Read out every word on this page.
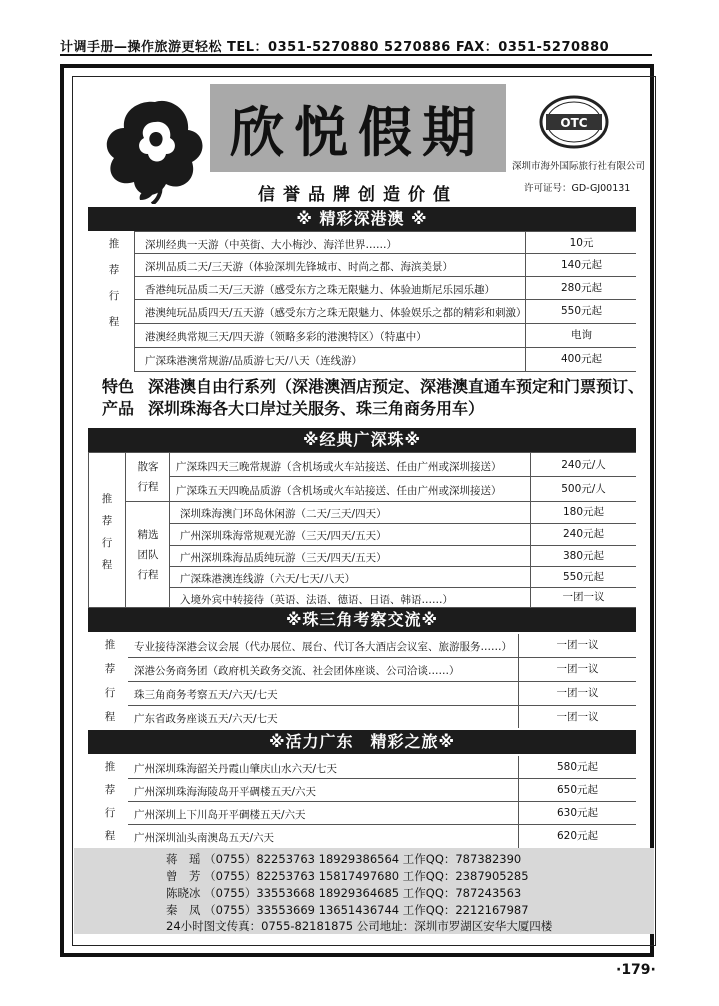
计调手册—操作旅游更轻松 TEL：0351-5270880 5270886 FAX：0351-5270880
欣悦假期
信誉品牌创造价值
OTC
深圳市海外国际旅行社有限公司
许可证号：GD-GJ00131
※ 精彩深港澳 ※
推
荐
行
程
深圳经典一天游（中英街、大小梅沙、海洋世界……）	10元
深圳品质二天/三天游（体验深圳先锋城市、时尚之都、海滨美景）	140元起
香港纯玩品质二天/三天游（感受东方之珠无限魅力、体验迪斯尼乐园乐趣）	280元起
港澳纯玩品质四天/五天游（感受东方之珠无限魅力、体验娱乐之都的精彩和刺激）	550元起
港澳经典常规三天/四天游（领略多彩的港澳特区）（特惠中）	电询
广深珠港澳常规游/品质游七天/八天（连线游）	400元起
特色
产品
深港澳自由行系列（深港澳酒店预定、深港澳直通车预定和门票预订、
深圳珠海各大口岸过关服务、珠三角商务用车）
※经典广深珠※
推
荐
行
程
散客
行程
广深珠四天三晚常规游（含机场或火车站接送、任由广州或深圳接送）	240元/人
广深珠五天四晚品质游（含机场或火车站接送、任由广州或深圳接送）	500元/人
精选
团队
行程
深圳珠海澳门环岛休闲游（二天/三天/四天）	180元起
广州深圳珠海常规观光游（三天/四天/五天）	240元起
广州深圳珠海品质纯玩游（三天/四天/五天）	380元起
广深珠港澳连线游（六天/七天/八天）	550元起
入境外宾中转接待（英语、法语、德语、日语、韩语……）	一团一议
※珠三角考察交流※
推
荐
行
程
专业接待深港会议会展（代办展位、展台、代订各大酒店会议室、旅游服务……）	一团一议
深港公务商务团（政府机关政务交流、社会团体座谈、公司洽谈……）	一团一议
珠三角商务考察五天/六天/七天	一团一议
广东省政务座谈五天/六天/七天	一团一议
※活力广东　精彩之旅※
推
荐
行
程
广州深圳珠海韶关丹霞山肇庆山水六天/七天	580元起
广州深圳珠海海陵岛开平碉楼五天/六天	650元起
广州深圳上下川岛开平碉楼五天/六天	630元起
广州深圳汕头南澳岛五天/六天	620元起
蒋　瑶 （0755）82253763 18929386564 工作QQ：787382390
曾　芳 （0755）82253763 15817497680 工作QQ：2387905285
陈晓冰 （0755）33553668 18929364685 工作QQ：787243563
秦　凤 （0755）33553669 13651436744 工作QQ：2212167987
24小时图文传真：0755-82181875 公司地址：深圳市罗湖区安华大厦四楼
·179·
